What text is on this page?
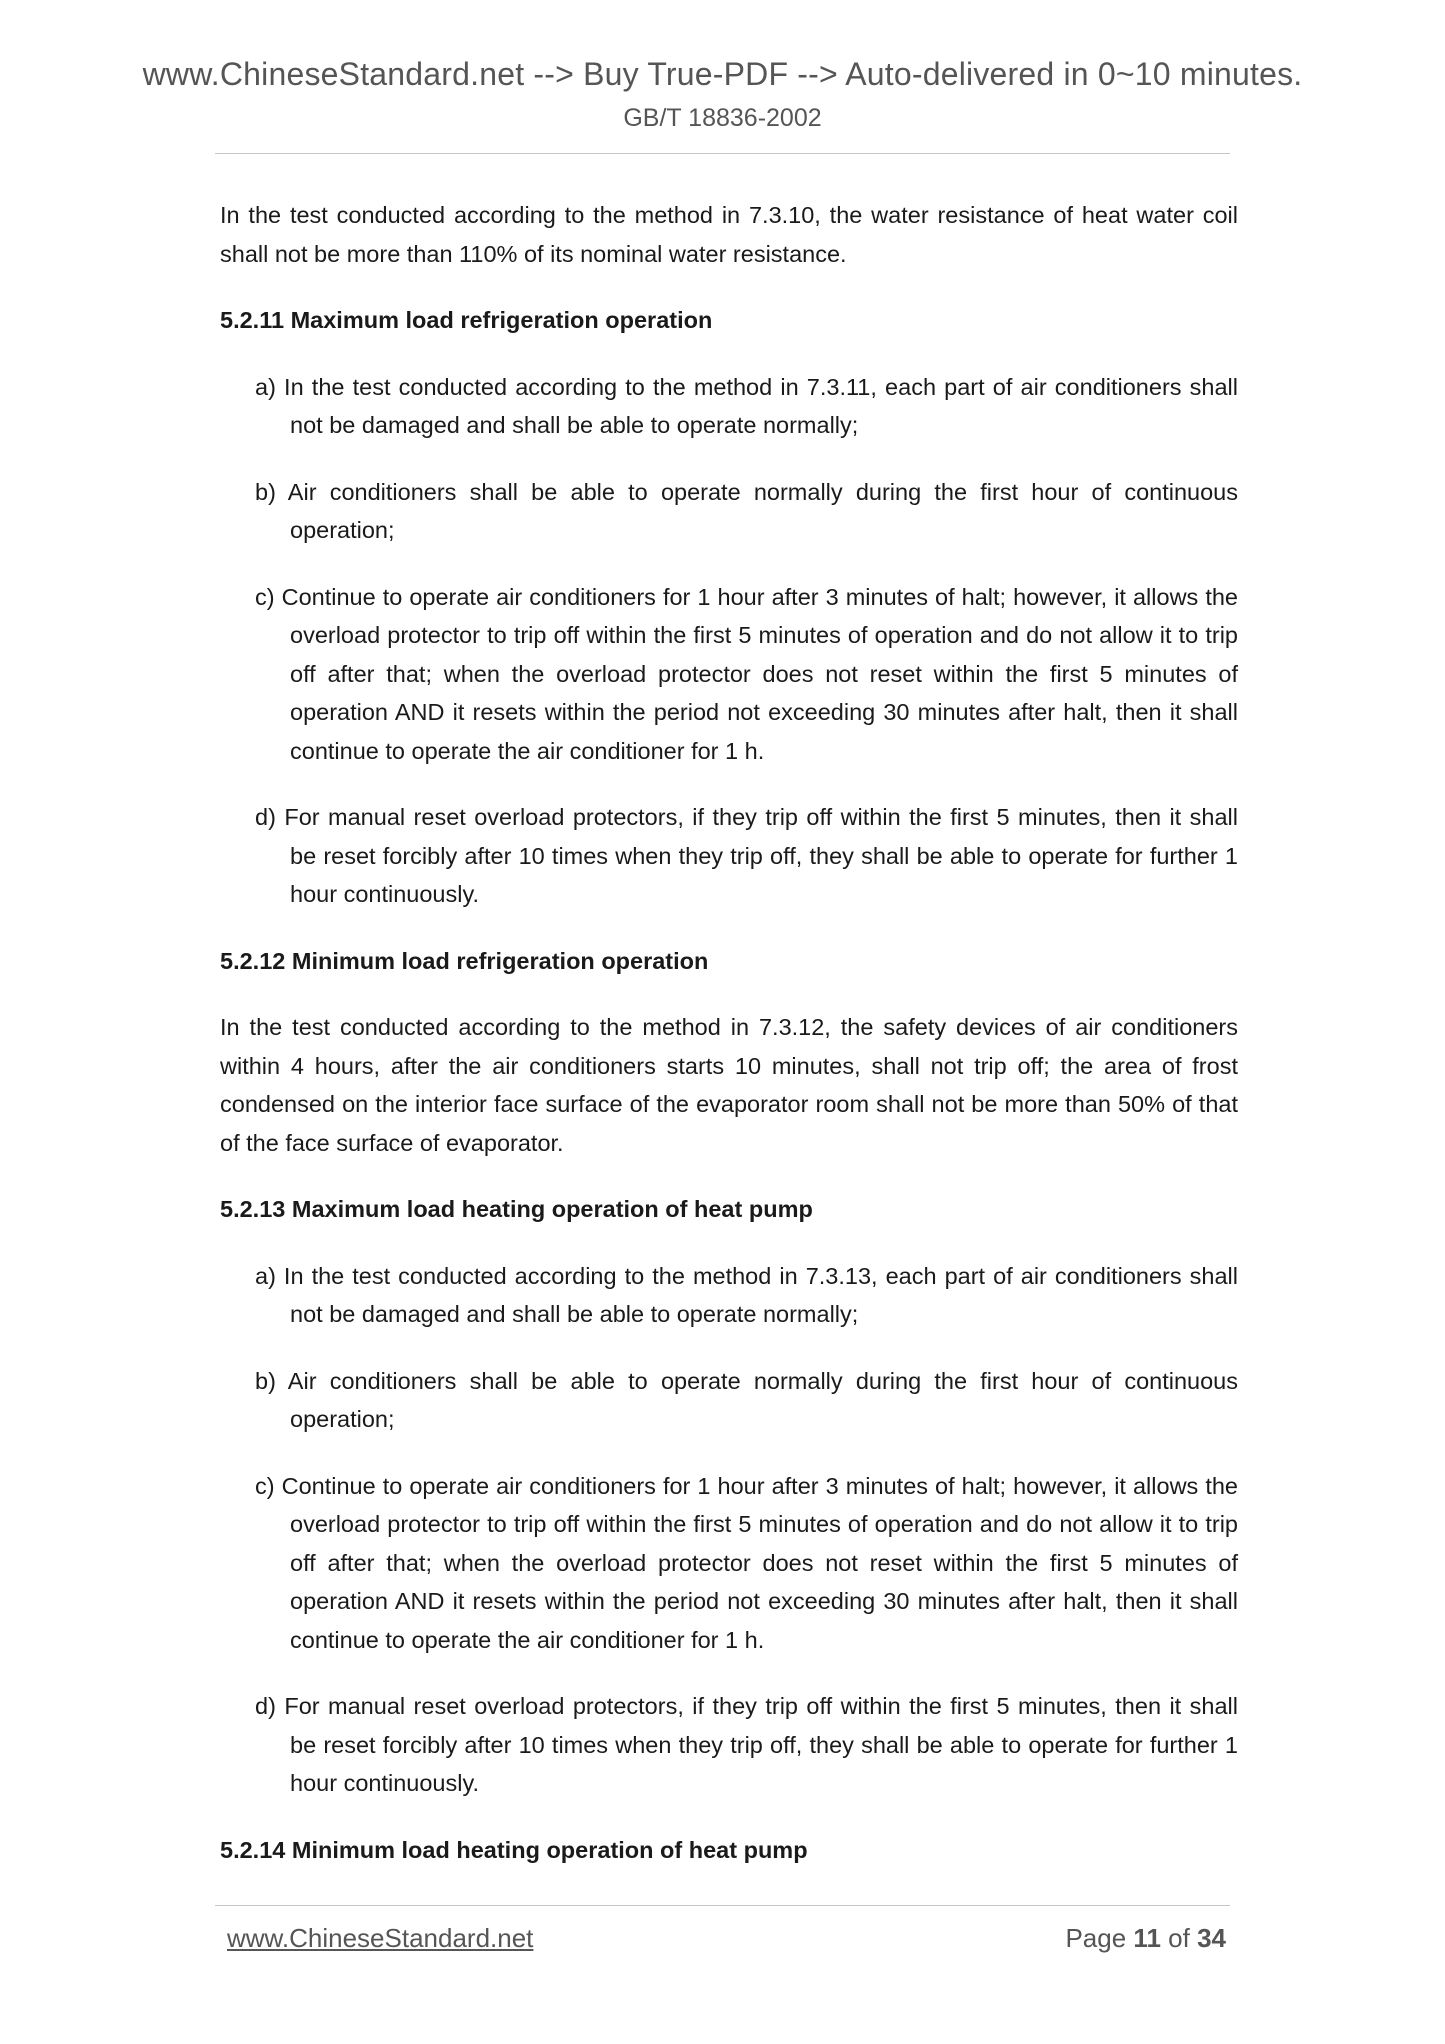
www.ChineseStandard.net --> Buy True-PDF --> Auto-delivered in 0~10 minutes.
GB/T 18836-2002

In the test conducted according to the method in 7.3.10, the water resistance of heat water coil shall not be more than 110% of its nominal water resistance.

5.2.11 Maximum load refrigeration operation

a) In the test conducted according to the method in 7.3.11, each part of air conditioners shall not be damaged and shall be able to operate normally;

b) Air conditioners shall be able to operate normally during the first hour of continuous operation;

c) Continue to operate air conditioners for 1 hour after 3 minutes of halt; however, it allows the overload protector to trip off within the first 5 minutes of operation and do not allow it to trip off after that; when the overload protector does not reset within the first 5 minutes of operation AND it resets within the period not exceeding 30 minutes after halt, then it shall continue to operate the air conditioner for 1 h.

d) For manual reset overload protectors, if they trip off within the first 5 minutes, then it shall be reset forcibly after 10 times when they trip off, they shall be able to operate for further 1 hour continuously.

5.2.12 Minimum load refrigeration operation

In the test conducted according to the method in 7.3.12, the safety devices of air conditioners within 4 hours, after the air conditioners starts 10 minutes, shall not trip off; the area of frost condensed on the interior face surface of the evaporator room shall not be more than 50% of that of the face surface of evaporator.

5.2.13 Maximum load heating operation of heat pump

a) In the test conducted according to the method in 7.3.13, each part of air conditioners shall not be damaged and shall be able to operate normally;

b) Air conditioners shall be able to operate normally during the first hour of continuous operation;

c) Continue to operate air conditioners for 1 hour after 3 minutes of halt; however, it allows the overload protector to trip off within the first 5 minutes of operation and do not allow it to trip off after that; when the overload protector does not reset within the first 5 minutes of operation AND it resets within the period not exceeding 30 minutes after halt, then it shall continue to operate the air conditioner for 1 h.

d) For manual reset overload protectors, if they trip off within the first 5 minutes, then it shall be reset forcibly after 10 times when they trip off, they shall be able to operate for further 1 hour continuously.

5.2.14 Minimum load heating operation of heat pump

www.ChineseStandard.net	Page 11 of 34
